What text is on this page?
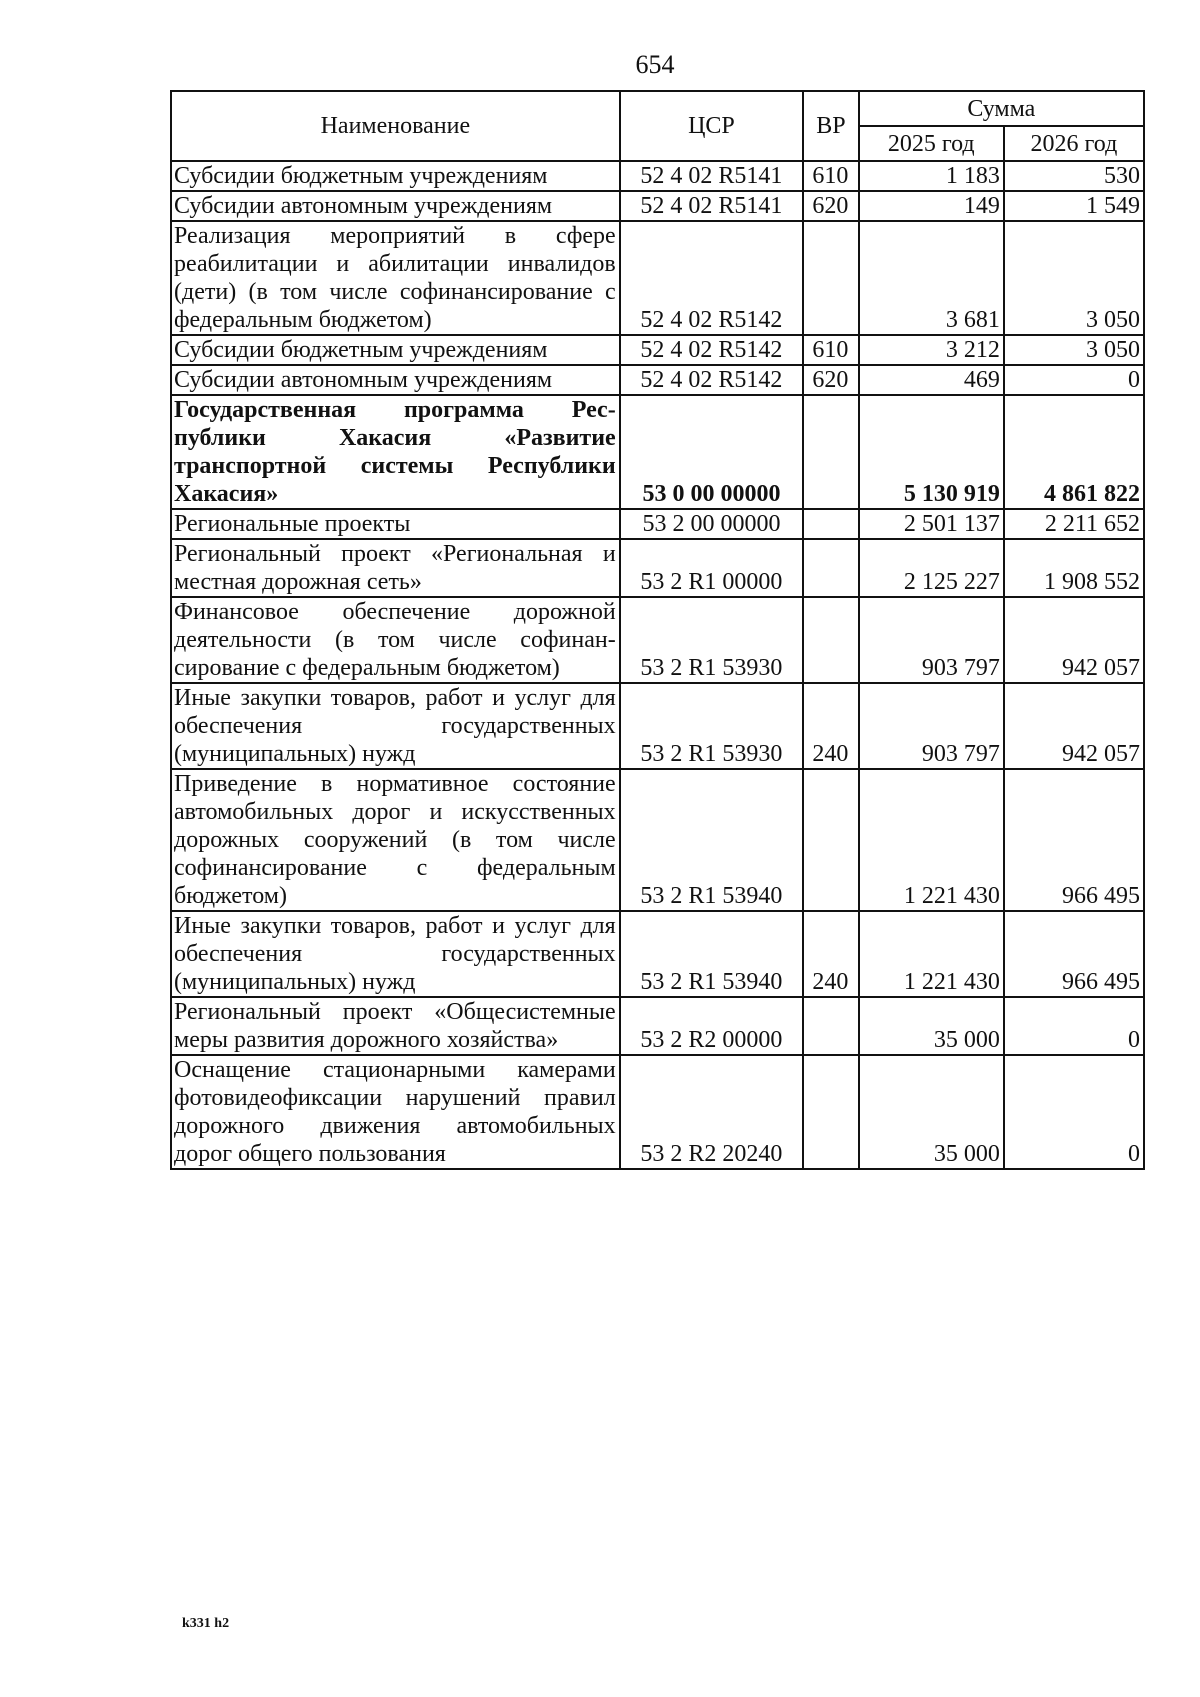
654
Наименование	ЦСР	ВР	Сумма	
			2025 год	2026 год
Субсидии бюджетным учреждениям	52 4 02 R5141	610	1 183	530
Субсидии автономным учреждениям	52 4 02 R5141	620	149	1 549
Реализация мероприятий в сфере реабилитации и абилитации инвалидов (дети) (в том числе софинансирование с федеральным бюджетом)	52 4 02 R5142		3 681	3 050
Субсидии бюджетным учреждениям	52 4 02 R5142	610	3 212	3 050
Субсидии автономным учреждениям	52 4 02 R5142	620	469	0
Государственная программа Республики Хакасия «Развитие транспортной системы Республики Хакасия»	53 0 00 00000		5 130 919	4 861 822
Региональные проекты	53 2 00 00000		2 501 137	2 211 652
Региональный проект «Региональная и местная дорожная сеть»	53 2 R1 00000		2 125 227	1 908 552
Финансовое обеспечение дорожной деятельности (в том числе софинансирование с федеральным бюджетом)	53 2 R1 53930		903 797	942 057
Иные закупки товаров, работ и услуг для обеспечения государственных (муниципальных) нужд	53 2 R1 53930	240	903 797	942 057
Приведение в нормативное состояние автомобильных дорог и искусственных дорожных сооружений (в том числе софинансирование с федеральным бюджетом)	53 2 R1 53940		1 221 430	966 495
Иные закупки товаров, работ и услуг для обеспечения государственных (муниципальных) нужд	53 2 R1 53940	240	1 221 430	966 495
Региональный проект «Общесистемные меры развития дорожного хозяйства»	53 2 R2 00000		35 000	0
Оснащение стационарными камерами фотовидеофиксации нарушений правил дорожного движения автомобильных дорог общего пользования	53 2 R2 20240		35 000	0
k331 h2
